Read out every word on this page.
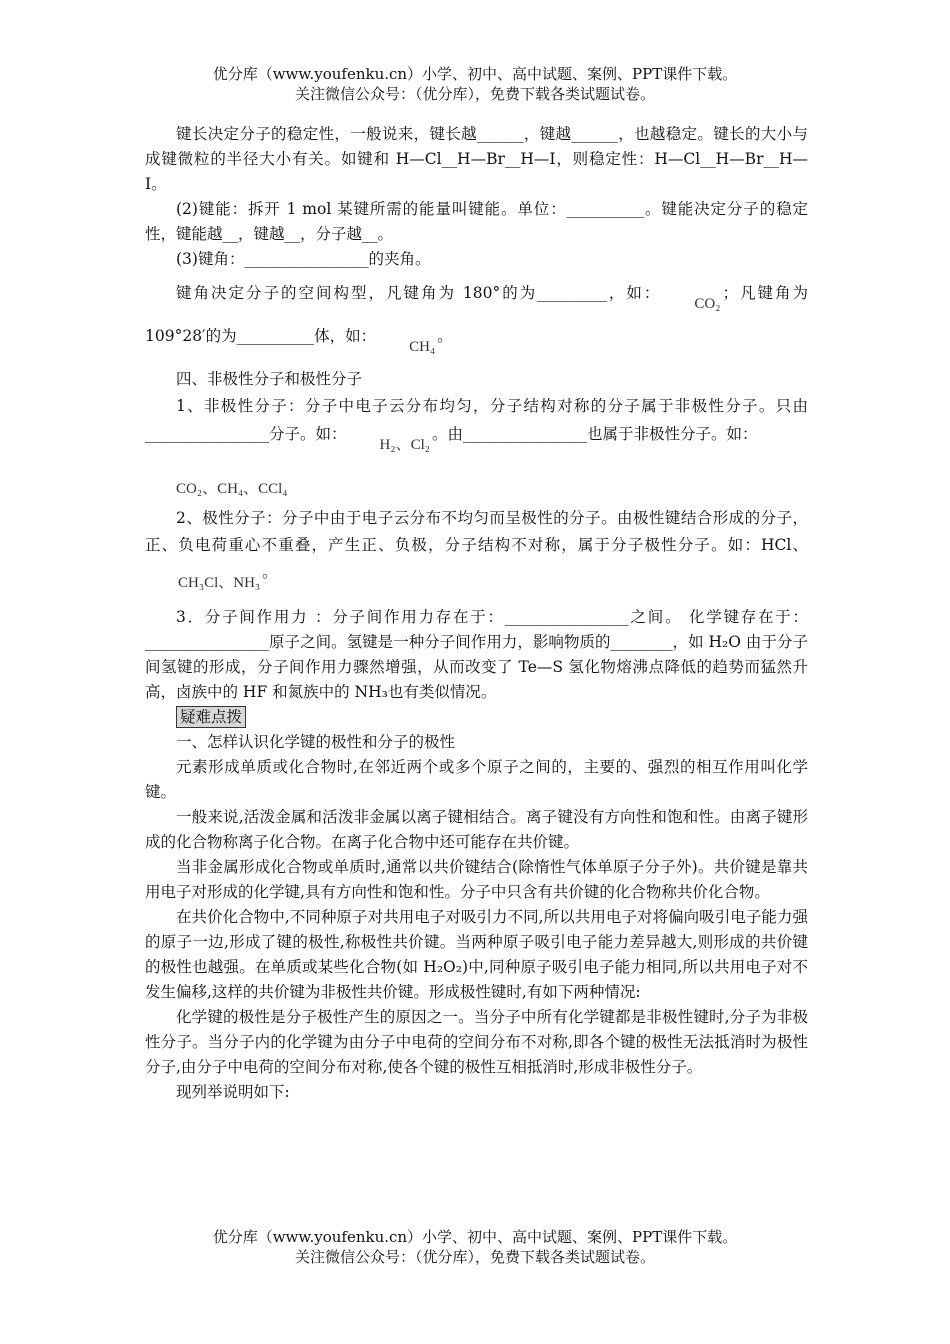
优分库（www.youfenku.cn）小学、初中、高中试题、案例、PPT课件下载。
关注微信公众号：（优分库），免费下载各类试题试卷。

键长决定分子的稳定性，一般说来，键长越______，键越______，也越稳定。键长的大小与成键微粒的半径大小有关。如键和 H—Cl__H—Br__H—I，则稳定性：H—Cl__H—Br__H—I。

(2)键能：拆开 1 mol 某键所需的能量叫键能。单位：__________。键能决定分子的稳定性，键能越__，键越__，分子越__。

(3)键角：________________的夹角。

键角决定分子的空间构型，凡键角为 180°的为_________，如：CO₂；凡键角为 109°28′的为__________体，如：CH₄。

四、非极性分子和极性分子

1、非极性分子：分子中电子云分布均匀，分子结构对称的分子属于非极性分子。只由________________分子。如：H₂、Cl₂。由________________也属于非极性分子。如：
CO₂、CH₄、CCl₄

2、极性分子：分子中由于电子云分布不均匀而呈极性的分子。由极性键结合形成的分子，正、负电荷重心不重叠，产生正、负极，分子结构不对称，属于分子极性分子。如：HCl、CH₃Cl、NH₃。

3．分子间作用力 ：分子间作用力存在于：________________之间。 化学键存在于：________________原子之间。氢键是一种分子间作用力，影响物质的________，如 H₂O 由于分子间氢键的形成，分子间作用力骤然增强，从而改变了 Te—S 氢化物熔沸点降低的趋势而猛然升高，卤族中的 HF 和氮族中的 NH₃也有类似情况。

疑难点拨

一、怎样认识化学键的极性和分子的极性

元素形成单质或化合物时,在邻近两个或多个原子之间的，主要的、强烈的相互作用叫化学键。

一般来说,活泼金属和活泼非金属以离子键相结合。离子键没有方向性和饱和性。由离子键形成的化合物称离子化合物。在离子化合物中还可能存在共价键。

当非金属形成化合物或单质时,通常以共价键结合(除惰性气体单原子分子外)。共价键是靠共用电子对形成的化学键,具有方向性和饱和性。分子中只含有共价键的化合物称共价化合物。

在共价化合物中,不同种原子对共用电子对吸引力不同,所以共用电子对将偏向吸引电子能力强的原子一边,形成了键的极性,称极性共价键。当两种原子吸引电子能力差异越大,则形成的共价键的极性也越强。在单质或某些化合物(如 H₂O₂)中,同种原子吸引电子能力相同,所以共用电子对不发生偏移,这样的共价键为非极性共价键。形成极性键时,有如下两种情况:

化学键的极性是分子极性产生的原因之一。当分子中所有化学键都是非极性键时,分子为非极性分子。当分子内的化学键为由分子中电荷的空间分布不对称,即各个键的极性无法抵消时为极性分子,由分子中电荷的空间分布对称,使各个键的极性互相抵消时,形成非极性分子。

现列举说明如下:

优分库（www.youfenku.cn）小学、初中、高中试题、案例、PPT课件下载。
关注微信公众号：（优分库），免费下载各类试题试卷。
